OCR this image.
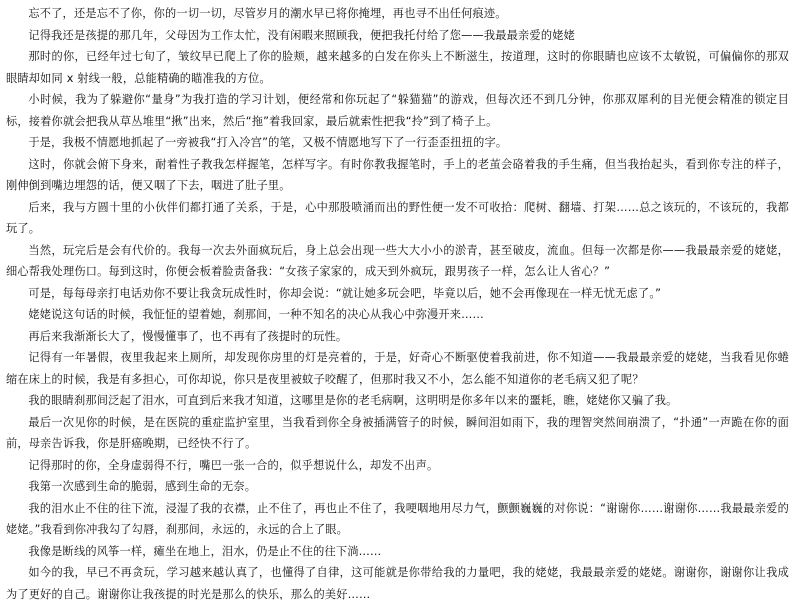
忘不了，还是忘不了你，你的一切一切，尽管岁月的潮水早已将你掩埋，再也寻不出任何痕迹。

记得我还是孩提的那几年，父母因为工作太忙，没有闲暇来照顾我，便把我托付给了您——我最最亲爱的姥姥

那时的你，已经年过七旬了，皱纹早已爬上了你的脸颊，越来越多的白发在你头上不断滋生，按道理，这时的你眼睛也应该不太敏锐，可偏偏你的那双眼睛却如同 x 射线一般，总能精确的瞄准我的方位。

小时候，我为了躲避你“量身”为我打造的学习计划，便经常和你玩起了“躲猫猫”的游戏，但每次还不到几分钟，你那双犀利的目光便会精准的锁定目标，接着你就会把我从草丛堆里“揪”出来，然后“拖”着我回家，最后就索性把我“拎”到了椅子上。

于是，我极不情愿地抓起了一旁被我“打入冷宫”的笔，又极不情愿地写下了一行歪歪扭扭的字。

这时，你就会俯下身来，耐着性子教我怎样握笔，怎样写字。有时你教我握笔时，手上的老茧会硌着我的手生痛，但当我抬起头，看到你专注的样子，刚伸倒到嘴边埋怨的话，便又咽了下去，咽进了肚子里。

后来，我与方圆十里的小伙伴们都打通了关系，于是，心中那股喷涌而出的野性便一发不可收拾：爬树、翻墙、打架……总之该玩的，不该玩的，我都玩了。

当然，玩完后是会有代价的。我每一次去外面疯玩后，身上总会出现一些大大小小的淤青，甚至破皮，流血。但每一次都是你——我最最亲爱的姥姥，细心帮我处理伤口。每到这时，你便会板着脸责备我：“女孩子家家的，成天到外疯玩，跟男孩子一样，怎么让人省心？”

可是，每每母亲打电话劝你不要让我贪玩成性时，你却会说：“就让她多玩会吧，毕竟以后，她不会再像现在一样无忧无虑了。”

姥姥说这句话的时候，我怔怔的望着她，刹那间，一种不知名的决心从我心中弥漫开来……

再后来我渐渐长大了，慢慢懂事了，也不再有了孩提时的玩性。

记得有一年暑假，夜里我起来上厕所，却发现你房里的灯是亮着的，于是，好奇心不断驱使着我前进，你不知道——我最最亲爱的姥姥，当我看见你蜷缩在床上的时候，我是有多担心，可你却说，你只是夜里被蚊子咬醒了，但那时我又不小，怎么能不知道你的老毛病又犯了呢？

我的眼睛刹那间泛起了泪水，可直到后来我才知道，这哪里是你的老毛病啊，这明明是你多年以来的噩耗，瞧，姥姥你又骗了我。

最后一次见你的时候，是在医院的重症监护室里，当我看到你全身被插满管子的时候，瞬间泪如雨下，我的理智突然间崩溃了，“扑通”一声跪在你的面前，母亲告诉我，你是肝癌晚期，已经快不行了。

记得那时的你，全身虚弱得不行，嘴巴一张一合的，似乎想说什么，却发不出声。

我第一次感到生命的脆弱，感到生命的无奈。

我的泪水止不住的往下流，浸湿了我的衣襟，止不住了，再也止不住了，我哽咽地用尽力气，颤颤巍巍的对你说：“谢谢你……谢谢你……我最最亲爱的姥姥。”我看到你冲我勾了勾唇，刹那间，永远的，永远的合上了眼。

我像是断线的风筝一样，瘫坐在地上，泪水，仍是止不住的往下淌……

如今的我，早已不再贪玩，学习越来越认真了，也懂得了自律，这可能就是你带给我的力量吧，我的姥姥，我最最亲爱的姥姥。谢谢你，谢谢你让我成为了更好的自己。谢谢你让我孩提的时光是那么的快乐，那么的美好……
